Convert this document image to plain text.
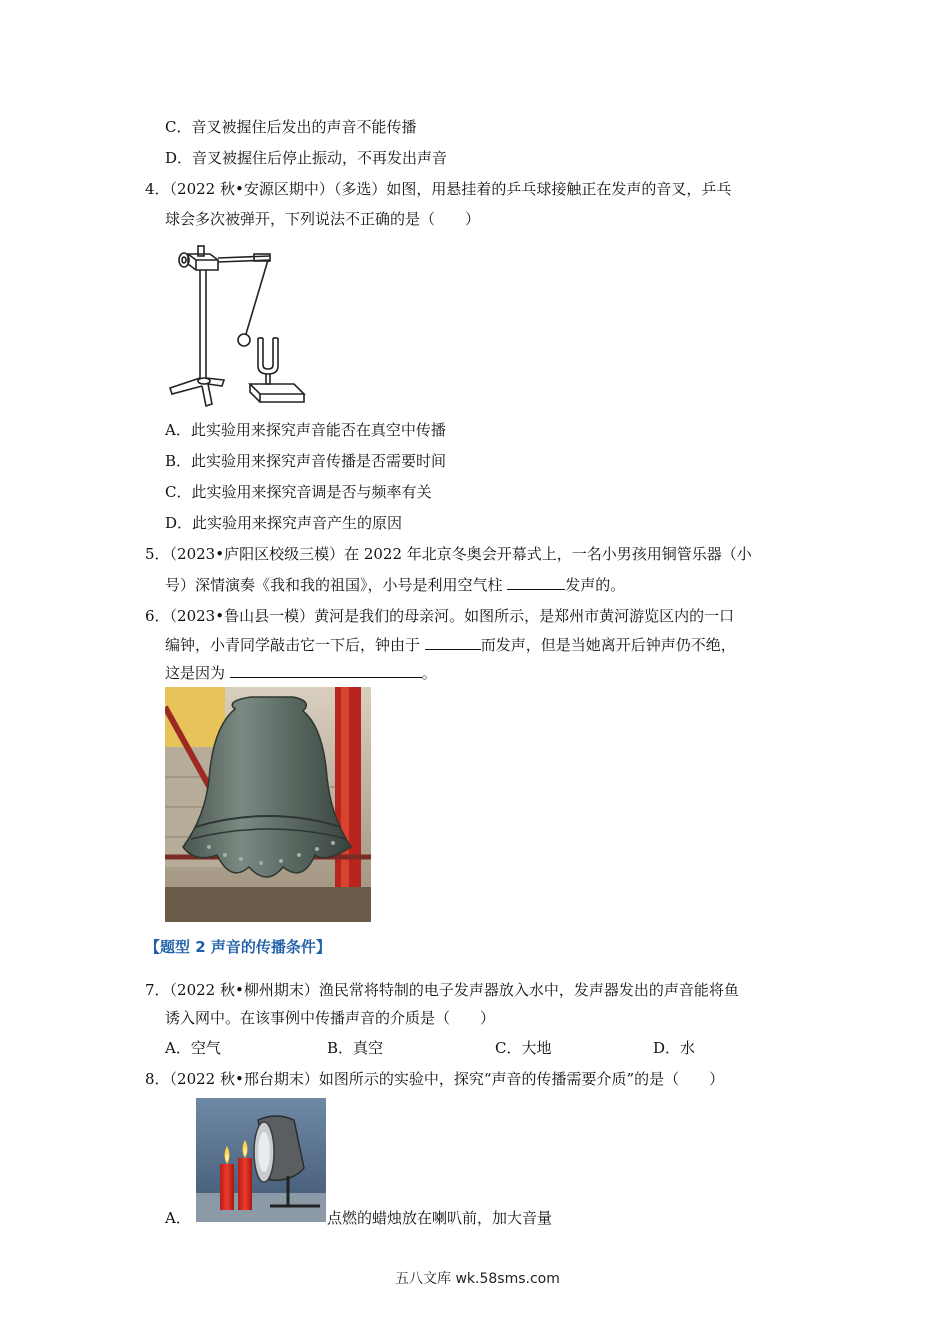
C．音叉被握住后发出的声音不能传播
D．音叉被握住后停止振动，不再发出声音
4．（2022 秋•安源区期中）（多选）如图，用悬挂着的乒乓球接触正在发声的音叉，乒乓
球会多次被弹开，下列说法不正确的是（　　）
A．此实验用来探究声音能否在真空中传播
B．此实验用来探究声音传播是否需要时间
C．此实验用来探究音调是否与频率有关
D．此实验用来探究声音产生的原因
5．（2023•庐阳区校级三模）在 2022 年北京冬奥会开幕式上，一名小男孩用铜管乐器（小
号）深情演奏《我和我的祖国》，小号是利用空气柱	发声的。
6．（2023•鲁山县一模）黄河是我们的母亲河。如图所示，是郑州市黄河游览区内的一口
编钟，小青同学敲击它一下后，钟由于	而发声，但是当她离开后钟声仍不绝，
这是因为	。
【题型 2 声音的传播条件】
7．（2022 秋•柳州期末）渔民常将特制的电子发声器放入水中，发声器发出的声音能将鱼
诱入网中。在该事例中传播声音的介质是（　　）
A．空气	B．真空	C．大地	D．水
8．（2022 秋•邢台期末）如图所示的实验中，探究“声音的传播需要介质”的是（　　）
A．	点燃的蜡烛放在喇叭前，加大音量
五八文库 wk.58sms.com
